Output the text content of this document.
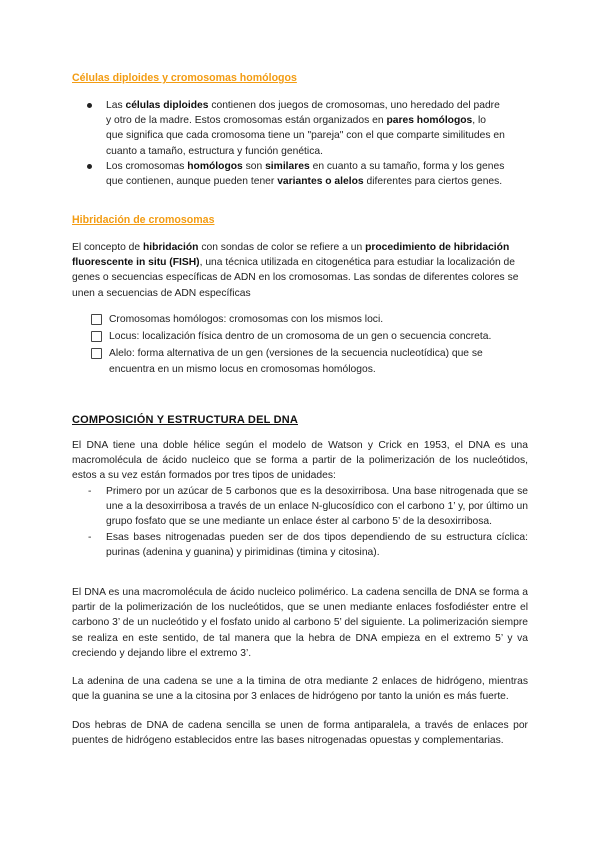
Células diploides y cromosomas homólogos
Las células diploides contienen dos juegos de cromosomas, uno heredado del padre y otro de la madre. Estos cromosomas están organizados en pares homólogos, lo que significa que cada cromosoma tiene un "pareja" con el que comparte similitudes en cuanto a tamaño, estructura y función genética.
Los cromosomas homólogos son similares en cuanto a su tamaño, forma y los genes que contienen, aunque pueden tener variantes o alelos diferentes para ciertos genes.
Hibridación de cromosomas

El concepto de hibridación con sondas de color se refiere a un procedimiento de hibridación fluorescente in situ (FISH), una técnica utilizada en citogenética para estudiar la localización de genes o secuencias específicas de ADN en los cromosomas. Las sondas de diferentes colores se unen a secuencias de ADN específicas

Cromosomas homólogos: cromosomas con los mismos loci.
Locus: localización física dentro de un cromosoma de un gen o secuencia concreta.
Alelo: forma alternativa de un gen (versiones de la secuencia nucleotídica) que se encuentra en un mismo locus en cromosomas homólogos.
COMPOSICIÓN Y ESTRUCTURA DEL DNA

El DNA tiene una doble hélice según el modelo de Watson y Crick en 1953, el DNA es una macromolécula de ácido nucleico que se forma a partir de la polimerización de los nucleótidos, estos a su vez están formados por tres tipos de unidades:

- Primero por un azúcar de 5 carbonos que es la desoxirribosa. Una base nitrogenada que se une a la desoxirribosa a través de un enlace N-glucosídico con el carbono 1’ y, por último un grupo fosfato que se une mediante un enlace éster al carbono 5’ de la desoxirribosa.
- Esas bases nitrogenadas pueden ser de dos tipos dependiendo de su estructura cíclica: purinas (adenina y guanina) y pirimidinas (timina y citosina).

El DNA es una macromolécula de ácido nucleico polimérico. La cadena sencilla de DNA se forma a partir de la polimerización de los nucleótidos, que se unen mediante enlaces fosfodiéster entre el carbono 3’ de un nucleótido y el fosfato unido al carbono 5’ del siguiente. La polimerización siempre se realiza en este sentido, de tal manera que la hebra de DNA empieza en el extremo 5’ y va creciendo y dejando libre el extremo 3’.

La adenina de una cadena se une a la timina de otra mediante 2 enlaces de hidrógeno, mientras que la guanina se une a la citosina por 3 enlaces de hidrógeno por tanto la unión es más fuerte.

Dos hebras de DNA de cadena sencilla se unen de forma antiparalela, a través de enlaces por puentes de hidrógeno establecidos entre las bases nitrogenadas opuestas y complementarias.
